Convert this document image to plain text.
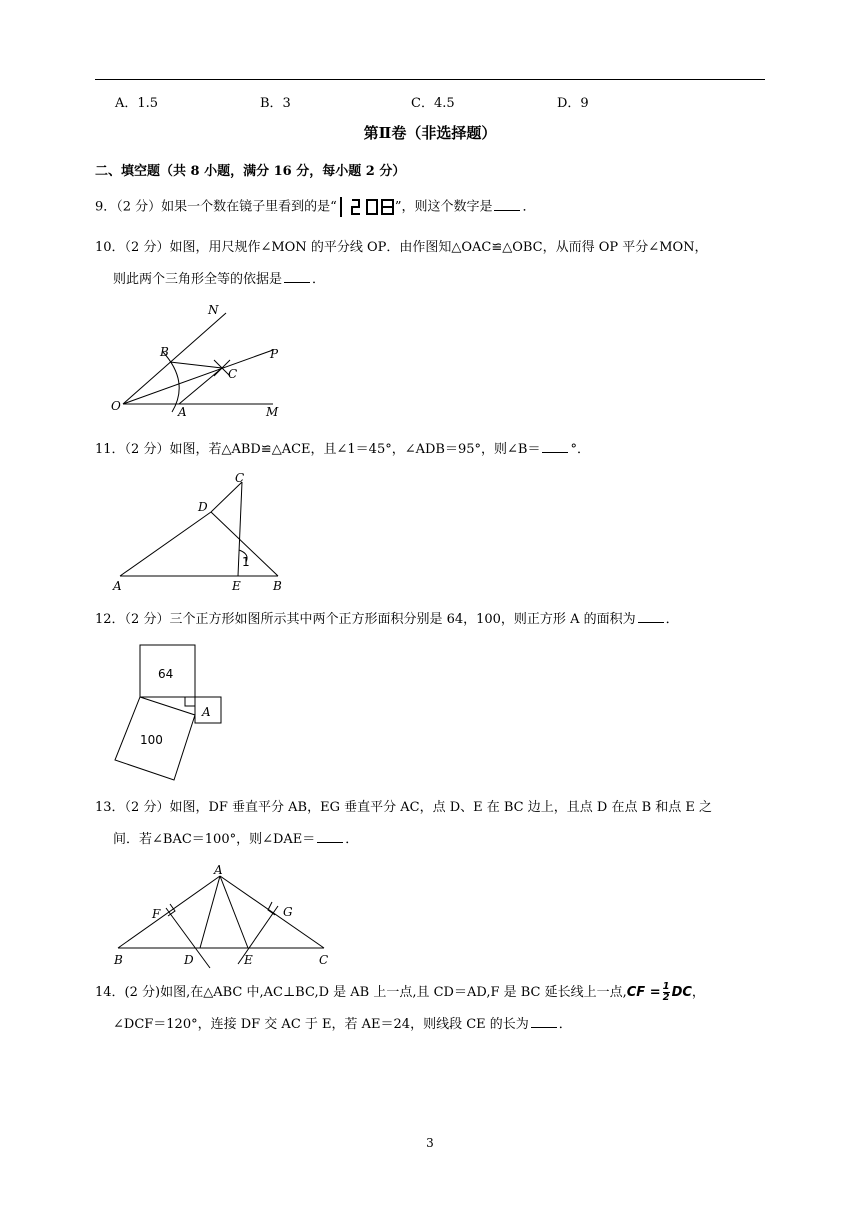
A．1.5	B．3	C．4.5	D．9
第Ⅱ卷（非选择题）
二、填空题（共 8 小题，满分 16 分，每小题 2 分）
9．（2 分）如果一个数在镜子里看到的是“	”，则这个数字是 ．
10．（2 分）如图，用尺规作∠MON 的平分线 OP．由作图知△OAC≌△OBC，从而得 OP 平分∠MON，
则此两个三角形全等的依据是 ．
N
B	P
C
O	A	M
11．（2 分）如图，若△ABD≌△ACE，且∠1＝45°，∠ADB＝95°，则∠B＝ °．
C
D
A	E	B
1
12．（2 分）三个正方形如图所示其中两个正方形面积分别是 64，100，则正方形 A 的面积为 ．
64
A
100
13．（2 分）如图，DF 垂直平分 AB，EG 垂直平分 AC，点 D、E 在 BC 边上，且点 D 在点 B 和点 E 之
间．若∠BAC＝100°，则∠DAE＝ ．
A
F	G
B	D	E	C
14．(2 分)如图,在△ABC 中,AC⊥BC,D 是 AB 上一点,且 CD＝AD,F 是 BC 延长线上一点$,CF = \frac{1}{2}$ DC，
∠DCF＝120°，连接 DF 交 AC 于 E，若 AE＝24，则线段 CE 的长为 ．
3
